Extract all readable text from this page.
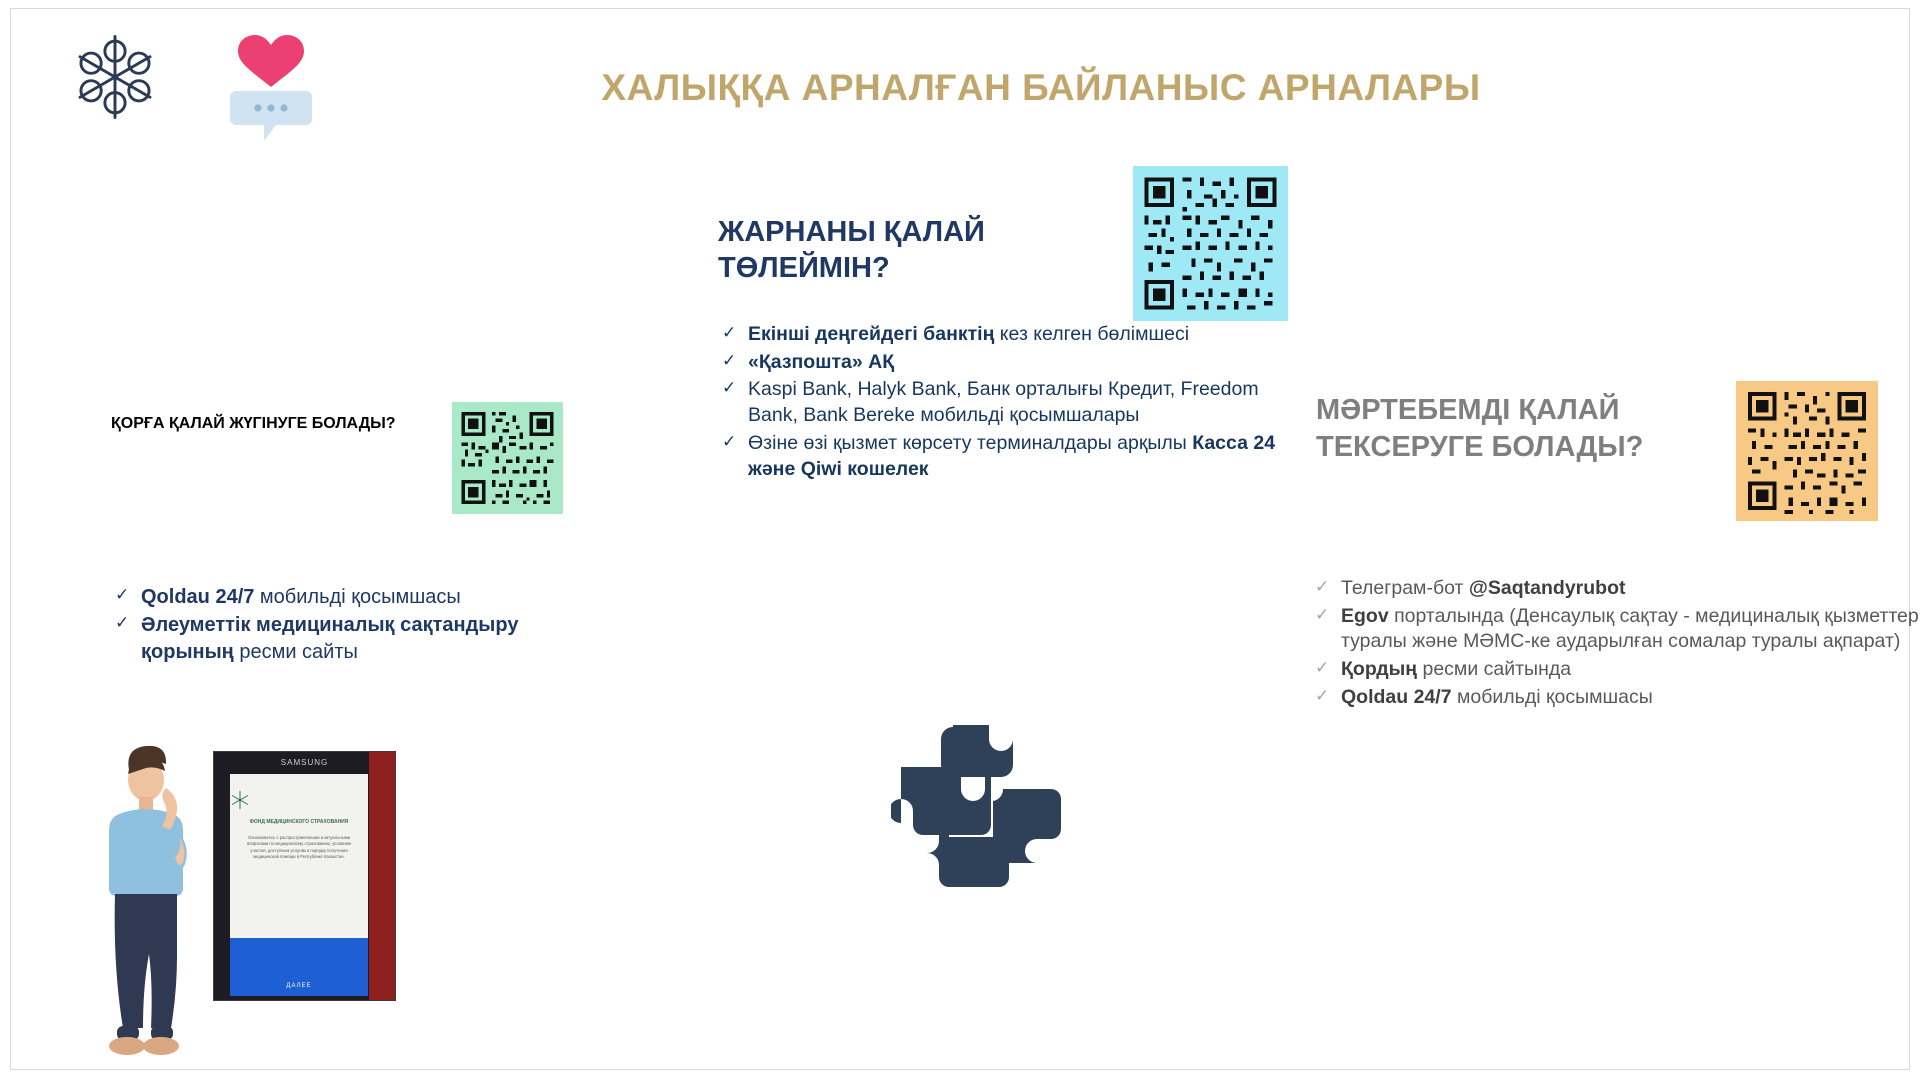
ХАЛЫҚҚА АРНАЛҒАН БАЙЛАНЫС АРНАЛАРЫ
ҚОРҒА ҚАЛАЙ ЖҮГІНУГЕ БОЛАДЫ?
✓ Qoldau 24/7 мобильді қосымшасы
✓ Әлеуметтік медициналық сақтандыру қорының ресми сайты
ЖАРНАНЫ ҚАЛАЙ ТӨЛЕЙМІН?
✓ Екінші деңгейдегі банктің кез келген бөлімшесі
✓ «Қазпошта» АҚ
✓ Kaspi Bank, Halyk Bank, Банк орталығы Кредит, Freedom Bank, Bank Bereke мобильді қосымшалары
✓ Өзіне өзі қызмет көрсету терминалдары арқылы Касса 24 және Qiwi кошелек
МӘРТЕБЕМДІ ҚАЛАЙ ТЕКСЕРУГЕ БОЛАДЫ?
✓ Телеграм-бот @Saqtandyrubot
✓ Egov порталында (Денсаулық сақтау - медициналық қызметтер туралы және МӘМС-ке аударылған сомалар туралы ақпарат)
✓ Қордың ресми сайтында
✓ Qoldau 24/7 мобильді қосымшасы
SAMSUNG
ФОНД МЕДИЦИНСКОГО СТРАХОВАНИЯ
Ознакомьтесь с распространёнными и актуальными вопросами по медицинскому страхованию, условиям участия, доступным услугам и порядку получения медицинской помощи в Республике Казахстан.
ДАЛЕЕ
